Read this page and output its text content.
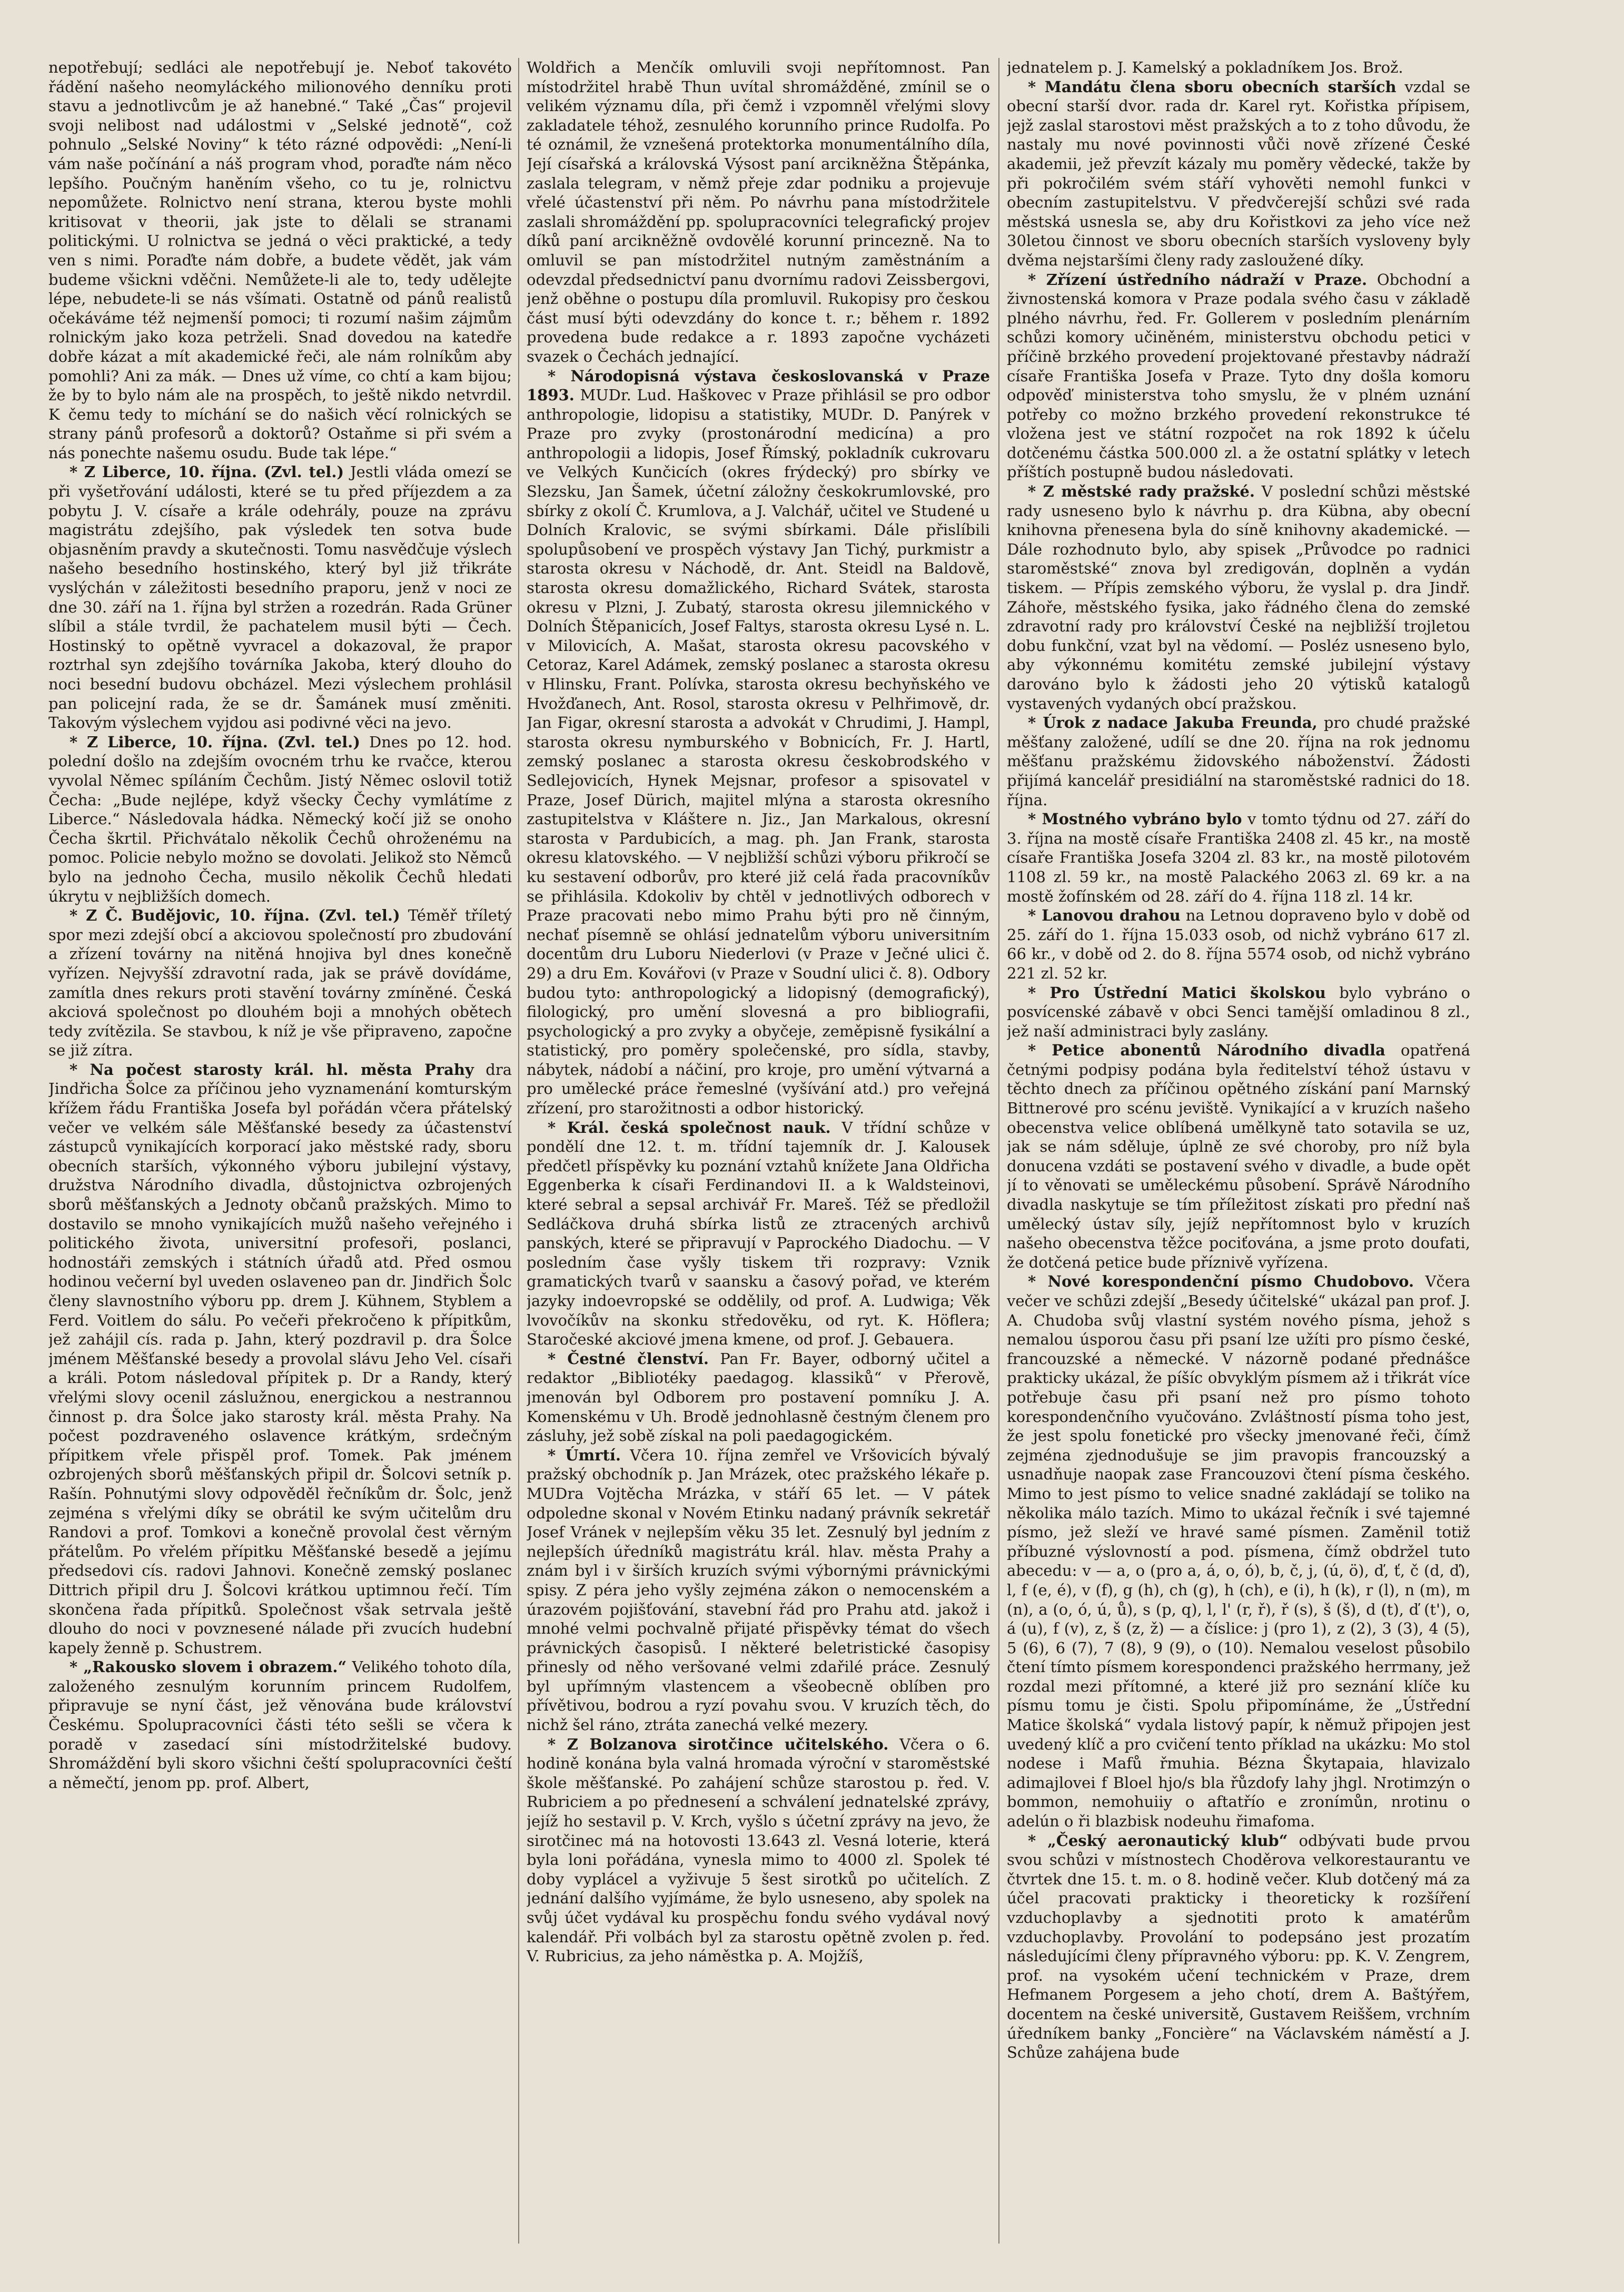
nepotřebují; sedláci ale nepotřebují je. Neboť takovéto řádění našeho neomyláckého milionového denníku proti stavu a jednotlivcům je až hanebné.“ Také „Čas“ projevil svoji nelibost nad událostmi v „Selské jednotě“, což pohnulo „Selské Noviny“ k této rázné odpovědi: „Není-li vám naše počínání a náš program vhod, poraďte nám něco lepšího. Poučným haněním všeho, co tu je, rolnictvu nepomůžete. Rolnictvo není strana, kterou byste mohli kritisovat v theorii, jak jste to dělali se stranami politickými. U rolnictva se jedná o věci praktické, a tedy ven s nimi. Poraďte nám dobře, a budete vědět, jak vám budeme všickni vděčni. Nemůžete-li ale to, tedy udělejte lépe, nebudete-li se nás všímati. Ostatně od pánů realistů očekáváme též nejmenší pomoci; ti rozumí našim zájmům rolnickým jako koza petrželi. Snad dovedou na katedře dobře kázat a mít akademické řeči, ale nám rolníkům aby pomohli? Ani za mák. — Dnes už víme, co chtí a kam bijou; že by to bylo nám ale na prospěch, to ještě nikdo netvrdil. K čemu tedy to míchání se do našich věcí rolnických se strany pánů profesorů a doktorů? Ostaňme si při svém a nás ponechte našemu osudu. Bude tak lépe.“

* Z Liberce, 10. října. (Zvl. tel.) Jestli vláda omezí se při vyšetřování události, které se tu před příjezdem a za pobytu J. V. císaře a krále odehrály, pouze na zprávu magistrátu zdejšího, pak výsledek ten sotva bude objasněním pravdy a skutečnosti. Tomu nasvědčuje výslech našeho besedního hostinského, který byl již třikráte vyslýchán v záležitosti besedního praporu, jenž v noci ze dne 30. září na 1. října byl stržen a rozedrán. Rada Grüner slíbil a stále tvrdil, že pachatelem musil býti — Čech. Hostinský to opětně vyvracel a dokazoval, že prapor roztrhal syn zdejšího továrníka Jakoba, který dlouho do noci besední budovu obcházel. Mezi výslechem prohlásil pan policejní rada, že se dr. Šamánek musí změniti. Takovým výslechem vyjdou asi podivné věci na jevo.

* Z Liberce, 10. října. (Zvl. tel.) Dnes po 12. hod. polední došlo na zdejším ovocném trhu ke rvačce, kterou vyvolal Němec spíláním Čechům. Jistý Němec oslovil totiž Čecha: „Bude nejlépe, když všecky Čechy vymlátíme z Liberce.“ Následovala hádka. Německý kočí již se onoho Čecha škrtil. Přichvátalo několik Čechů ohroženému na pomoc. Policie nebylo možno se dovolati. Jelikož sto Němců bylo na jednoho Čecha, musilo několik Čechů hledati úkrytu v nejbližších domech.

* Z Č. Budějovic, 10. října. (Zvl. tel.) Téměř tříletý spor mezi zdejší obcí a akciovou společností pro zbudování a zřízení továrny na nitěná hnojiva byl dnes konečně vyřízen. Nejvyšší zdravotní rada, jak se právě dovídáme, zamítla dnes rekurs proti stavění továrny zmíněné. Česká akciová společnost po dlouhém boji a mnohých obětech tedy zvítězila. Se stavbou, k níž je vše připraveno, započne se již zítra.

* Na počest starosty král. hl. města Prahy dra Jindřicha Šolce za příčinou jeho vyznamenání komturským křížem řádu Františka Josefa byl pořádán včera přátelský večer ve velkém sále Měšťanské besedy za účastenství zástupců vynikajících korporací jako městské rady, sboru obecních starších, výkonného výboru jubilejní výstavy, družstva Národního divadla, důstojnictva ozbrojených sborů měšťanských a Jednoty občanů pražských. Mimo to dostavilo se mnoho vynikajících mužů našeho veřejného i politického života, universitní profesoři, poslanci, hodnostáři zemských i státních úřadů atd. Před osmou hodinou večerní byl uveden oslaveneo pan dr. Jindřich Šolc členy slavnostního výboru pp. drem J. Kühnem, Styblem a Ferd. Voitlem do sálu. Po večeři překročeno k přípitkům, jež zahájil cís. rada p. Jahn, který pozdravil p. dra Šolce jménem Měšťanské besedy a provolal slávu Jeho Vel. císaři a králi. Potom následoval přípitek p. Dr a Randy, který vřelými slovy ocenil záslužnou, energickou a nestrannou činnost p. dra Šolce jako starosty král. města Prahy. Na počest pozdraveného oslavence krátkým, srdečným přípitkem vřele přispěl prof. Tomek. Pak jménem ozbrojených sborů měšťanských připil dr. Šolcovi setník p. Rašín. Pohnutými slovy odpověděl řečníkům dr. Šolc, jenž zejména s vřelými díky se obrátil ke svým učitelům dru Randovi a prof. Tomkovi a konečně provolal čest věrným přátelům. Po vřelém přípitku Měšťanské besedě a jejímu předsedovi cís. radovi Jahnovi. Konečně zemský poslanec Dittrich připil dru J. Šolcovi krátkou uptimnou řečí. Tím skončena řada přípitků. Společnost však setrvala ještě dlouho do noci v povznesené nálade při zvucích hudební kapely ženně p. Schustrem.

* „Rakousko slovem i obrazem.“ Velikého tohoto díla, založeného zesnulým korunním princem Rudolfem, připravuje se nyní část, jež věnována bude království Českému. Spolupracovníci části této sešli se včera k poradě v zasedací síni místodržitelské budovy. Shromáždění byli skoro všichni čeští spolupracovníci čeští a němečtí, jenom pp. prof. Albert,

Woldřich a Menčík omluvili svoji nepřítomnost. Pan místodržitel hrabě Thun uvítal shromážděné, zmínil se o velikém významu díla, při čemž i vzpomněl vřelými slovy zakladatele téhož, zesnulého korunního prince Rudolfa. Po té oznámil, že vznešená protektorka monumentálního díla, Její císařská a královská Výsost paní arcikněžna Štěpánka, zaslala telegram, v němž přeje zdar podniku a projevuje vřelé účastenství při něm. Po návrhu pana místodržitele zaslali shromáždění pp. spolupracovníci telegrafický projev díků paní arcikněžně ovdovělé korunní princezně. Na to omluvil se pan místodržitel nutným zaměstnáním a odevzdal předsednictví panu dvornímu radovi Zeissbergovi, jenž oběhne o postupu díla promluvil. Rukopisy pro českou část musí býti odevzdány do konce t. r.; během r. 1892 provedena bude redakce a r. 1893 započne vycházeti svazek o Čechách jednající.

* Národopisná výstava českoslovanská v Praze 1893. MUDr. Lud. Haškovec v Praze přihlásil se pro odbor anthropologie, lidopisu a statistiky, MUDr. D. Panýrek v Praze pro zvyky (prostonárodní medicína) a pro anthropologii a lidopis, Josef Římský, pokladník cukrovaru ve Velkých Kunčicích (okres frýdecký) pro sbírky ve Slezsku, Jan Šamek, účetní záložny českokrumlovské, pro sbírky z okolí Č. Krumlova, a J. Valchář, učitel ve Studené u Dolních Kralovic, se svými sbírkami. Dále přislíbili spolupůsobení ve prospěch výstavy Jan Tichý, purkmistr a starosta okresu v Náchodě, dr. Ant. Steidl na Baldově, starosta okresu domažlického, Richard Svátek, starosta okresu v Plzni, J. Zubatý, starosta okresu jilemnického v Dolních Štěpanicích, Josef Faltys, starosta okresu Lysé n. L. v Milovicích, A. Mašat, starosta okresu pacovského v Cetoraz, Karel Adámek, zemský poslanec a starosta okresu v Hlinsku, Frant. Polívka, starosta okresu bechyňského ve Hvožďanech, Ant. Rosol, starosta okresu v Pelhřimově, dr. Jan Figar, okresní starosta a advokát v Chrudimi, J. Hampl, starosta okresu nymburského v Bobnicích, Fr. J. Hartl, zemský poslanec a starosta okresu českobrodského v Sedlejovicích, Hynek Mejsnar, profesor a spisovatel v Praze, Josef Dürich, majitel mlýna a starosta okresního zastupitelstva v Kláštere n. Jiz., Jan Markalous, okresní starosta v Pardubicích, a mag. ph. Jan Frank, starosta okresu klatovského. — V nejbližší schůzi výboru přikročí se ku sestavení odborův, pro které již celá řada pracovníkův se přihlásila. Kdokoliv by chtěl v jednotlivých odborech v Praze pracovati nebo mimo Prahu býti pro ně činným, nechať písemně se ohlásí jednatelům výboru universitním docentům dru Luboru Niederlovi (v Praze v Ječné ulici č. 29) a dru Em. Kovářovi (v Praze v Soudní ulici č. 8). Odbory budou tyto: anthropologický a lidopisný (demografický), filologický, pro umění slovesná a pro bibliografii, psychologický a pro zvyky a obyčeje, zeměpisně fysikální a statistický, pro poměry společenské, pro sídla, stavby, nábytek, nádobí a náčiní, pro kroje, pro umění výtvarná a pro umělecké práce řemeslné (vyšívání atd.) pro veřejná zřízení, pro starožitnosti a odbor historický.

* Král. česká společnost nauk. V třídní schůze v pondělí dne 12. t. m. třídní tajemník dr. J. Kalousek předčetl příspěvky ku poznání vztahů knížete Jana Oldřicha Eggenberka k císaři Ferdinandovi II. a k Waldsteinovi, které sebral a sepsal archivář Fr. Mareš. Též se předložil Sedláčkova druhá sbírka listů ze ztracených archivů panských, které se připravují v Paprockého Diadochu. — V posledním čase vyšly tiskem tři rozpravy: Vznik gramatických tvarů v saansku a časový pořad, ve kterém jazyky indoevropské se oddělily, od prof. A. Ludwiga; Věk lvovočíkův na skonku středověku, od ryt. K. Höflera; Staročeské akciové jmena kmene, od prof. J. Gebauera.

* Čestné členství. Pan Fr. Bayer, odborný učitel a redaktor „Bibliotéky paedagog. klassiků“ v Přerově, jmenován byl Odborem pro postavení pomníku J. A. Komenskému v Uh. Brodě jednohlasně čestným členem pro zásluhy, jež sobě získal na poli paedagogickém.

* Úmrtí. Včera 10. října zemřel ve Vršovicích bývalý pražský obchodník p. Jan Mrázek, otec pražského lékaře p. MUDra Vojtěcha Mrázka, v stáří 65 let. — V pátek odpoledne skonal v Novém Etinku nadaný právník sekretář Josef Vránek v nejlepším věku 35 let. Zesnulý byl jedním z nejlepších úředníků magistrátu král. hlav. města Prahy a znám byl i v širších kruzích svými výbornými právnickými spisy. Z péra jeho vyšly zejména zákon o nemocenském a úrazovém pojišťování, stavební řád pro Prahu atd. jakož i mnohé velmi pochvalně přijaté přispěvky témat do všech právnických časopisů. I některé beletristické časopisy přinesly od něho veršované velmi zdařilé práce. Zesnulý byl upřímným vlastencem a všeobecně oblíben pro přívětivou, bodrou a ryzí povahu svou. V kruzích těch, do nichž šel ráno, ztráta zanechá velké mezery.

* Z Bolzanova sirotčince učitelského. Včera o 6. hodině konána byla valná hromada výroční v staroměstské škole měšťanské. Po zahájení schůze starostou p. řed. V. Rubriciem a po přednesení a schválení jednatelské zprávy, jejíž ho sestavil p. V. Krch, vyšlo s účetní zprávy na jevo, že sirotčinec má na hotovosti 13.643 zl. Vesná loterie, která byla loni pořádána, vynesla mimo to 4000 zl. Spolek té doby vyplácel a vyživuje 5 šest sirotků po učitelích. Z jednání dalšího vyjímáme, že bylo usneseno, aby spolek na svůj účet vydával ku prospěchu fondu svého vydával nový kalendář. Při volbách byl za starostu opětně zvolen p. řed. V. Rubricius, za jeho náměstka p. A. Mojžíš,

jednatelem p. J. Kamelský a pokladníkem Jos. Brož.

* Mandátu člena sboru obecních starších vzdal se obecní starší dvor. rada dr. Karel ryt. Kořistka přípisem, jejž zaslal starostovi měst pražských a to z toho důvodu, že nastaly mu nové povinnosti vůči nově zřízené České akademii, jež převzít kázaly mu poměry vědecké, takže by při pokročilém svém stáří vyhověti nemohl funkci v obecním zastupitelstvu. V předvčerejší schůzi své rada městská usnesla se, aby dru Kořistkovi za jeho více než 30letou činnost ve sboru obecních starších vysloveny byly dvěma nejstaršími členy rady zasloužené díky.

* Zřízení ústředního nádraží v Praze. Obchodní a živnostenská komora v Praze podala svého času v základě plného návrhu, řed. Fr. Gollerem v posledním plenárním schůzi komory učiněném, ministerstvu obchodu petici v příčině brzkého provedení projektované přestavby nádraží císaře Františka Josefa v Praze. Tyto dny došla komoru odpověď ministerstva toho smyslu, že v plném uznání potřeby co možno brzkého provedení rekonstrukce té vložena jest ve státní rozpočet na rok 1892 k účelu dotčenému částka 500.000 zl. a že ostatní splátky v letech příštích postupně budou následovati.

* Z městské rady pražské. V poslední schůzi městské rady usneseno bylo k návrhu p. dra Kübna, aby obecní knihovna přenesena byla do síně knihovny akademické. — Dále rozhodnuto bylo, aby spisek „Průvodce po radnici staroměstské“ znova byl zredigován, doplněn a vydán tiskem. — Přípis zemského výboru, že vyslal p. dra Jindř. Záhoře, městského fysika, jako řádného člena do zemské zdravotní rady pro království České na nejbližší trojletou dobu funkční, vzat byl na vědomí. — Posléz usneseno bylo, aby výkonnému komitétu zemské jubilejní výstavy darováno bylo k žádosti jeho 20 výtisků katalogů vystavených vydaných obcí pražskou.

* Úrok z nadace Jakuba Freunda, pro chudé pražské měšťany založené, udílí se dne 20. října na rok jednomu měšťanu pražskému židovského náboženství. Žádosti přijímá kancelář presidiální na staroměstské radnici do 18. října.

* Mostného vybráno bylo v tomto týdnu od 27. září do 3. října na mostě císaře Františka 2408 zl. 45 kr., na mostě císaře Františka Josefa 3204 zl. 83 kr., na mostě pilotovém 1108 zl. 59 kr., na mostě Palackého 2063 zl. 69 kr. a na mostě žofínském od 28. září do 4. října 118 zl. 14 kr.

* Lanovou drahou na Letnou dopraveno bylo v době od 25. září do 1. října 15.033 osob, od nichž vybráno 617 zl. 66 kr., v době od 2. do 8. října 5574 osob, od nichž vybráno 221 zl. 52 kr.

* Pro Ústřední Matici školskou bylo vybráno o posvícenské zábavě v obci Senci tamější omladinou 8 zl., jež naší administraci byly zaslány.

* Petice abonentů Národního divadla opatřená četnými podpisy podána byla ředitelství téhož ústavu v těchto dnech za příčinou opětného získání paní Marnský Bittnerové pro scénu jeviště. Vynikající a v kruzích našeho obecenstva velice oblíbená umělkyně tato sotavila se uz, jak se nám sděluje, úplně ze své choroby, pro níž byla donucena vzdáti se postavení svého v divadle, a bude opět jí to věnovati se uměleckému působení. Správě Národního divadla naskytuje se tím příležitost získati pro přední naš umělecký ústav síly, jejíž nepřítomnost bylo v kruzích našeho obecenstva těžce pociťována, a jsme proto doufati, že dotčená petice bude příznivě vyřízena.

* Nové korespondenční písmo Chudobovo. Včera večer ve schůzi zdejší „Besedy účitelské“ ukázal pan prof. J. A. Chudoba svůj vlastní systém nového písma, jehož s nemalou úsporou času při psaní lze užíti pro písmo české, francouzské a německé. V názorně podané přednášce prakticky ukázal, že píšíc obvyklým písmem až i třikrát více potřebuje času při psaní než pro písmo tohoto korespondenčního vyučováno. Zvláštností písma toho jest, že jest spolu fonetické pro všecky jmenované řeči, čímž zejména zjednodušuje se jim pravopis francouzský a usnadňuje naopak zase Francouzovi čtení písma českého. Mimo to jest písmo to velice snadné zakládají se toliko na několika málo tazích. Mimo to ukázal řečník i své tajemné písmo, jež sleží ve hravé samé písmen. Zaměnil totiž příbuzné výslovností a pod. písmena, čímž obdržel tuto abecedu: v — a, o (pro a, á, o, ó), b, č, j, (ú, ö), ď, ť, č (d, ď), l, f (e, é), v (f), g (h), ch (g), h (ch), e (i), h (k), r (l), n (m), m (n), a (o, ó, ú, ů), s (p, q), l, l' (r, ř), ř (s), š (š), d (t), ď (t'), o, á (u), f (v), z, š (z, ž) — a číslice: j (pro 1), z (2), 3 (3), 4 (5), 5 (6), 6 (7), 7 (8), 9 (9), o (10). Nemalou veselost působilo čtení tímto písmem korespondenci pražského herrmany, jež rozdal mezi přítomné, a které již pro seznání klíče ku písmu tomu je čisti. Spolu připomínáme, že „Ústřední Matice školská“ vydala listový papír, k němuž připojen jest uvedený klíč a pro cvičení tento příklad na ukázku: Mo stol nodese i Mafů řmuhia. Bézna Škytapaia, hlavizalo adimajlovei f Bloel hjo/s bla řůzdofy lahy jhgl. Nrotimzýn o bommon, nemohuiiy o aftatřío e zronímůn, nrotinu o adelún o ři blazbisk nodeuhu řimafoma.

* „Český aeronautický klub“ odbývati bude prvou svou schůzi v místnostech Choděrova velkorestaurantu ve čtvrtek dne 15. t. m. o 8. hodině večer. Klub dotčený má za účel pracovati prakticky i theoreticky k rozšíření vzduchoplavby a sjednotiti proto k amatérům vzduchoplavby. Provolání to podepsáno jest prozatím následujícími členy přípravného výboru: pp. K. V. Zengrem, prof. na vysokém učení technickém v Praze, drem Hefmanem Porgesem a jeho chotí, drem A. Baštýřem, docentem na české universitě, Gustavem Reiššem, vrchním úředníkem banky „Foncière“ na Václavském náměstí a J. Schůze zahájena bude
